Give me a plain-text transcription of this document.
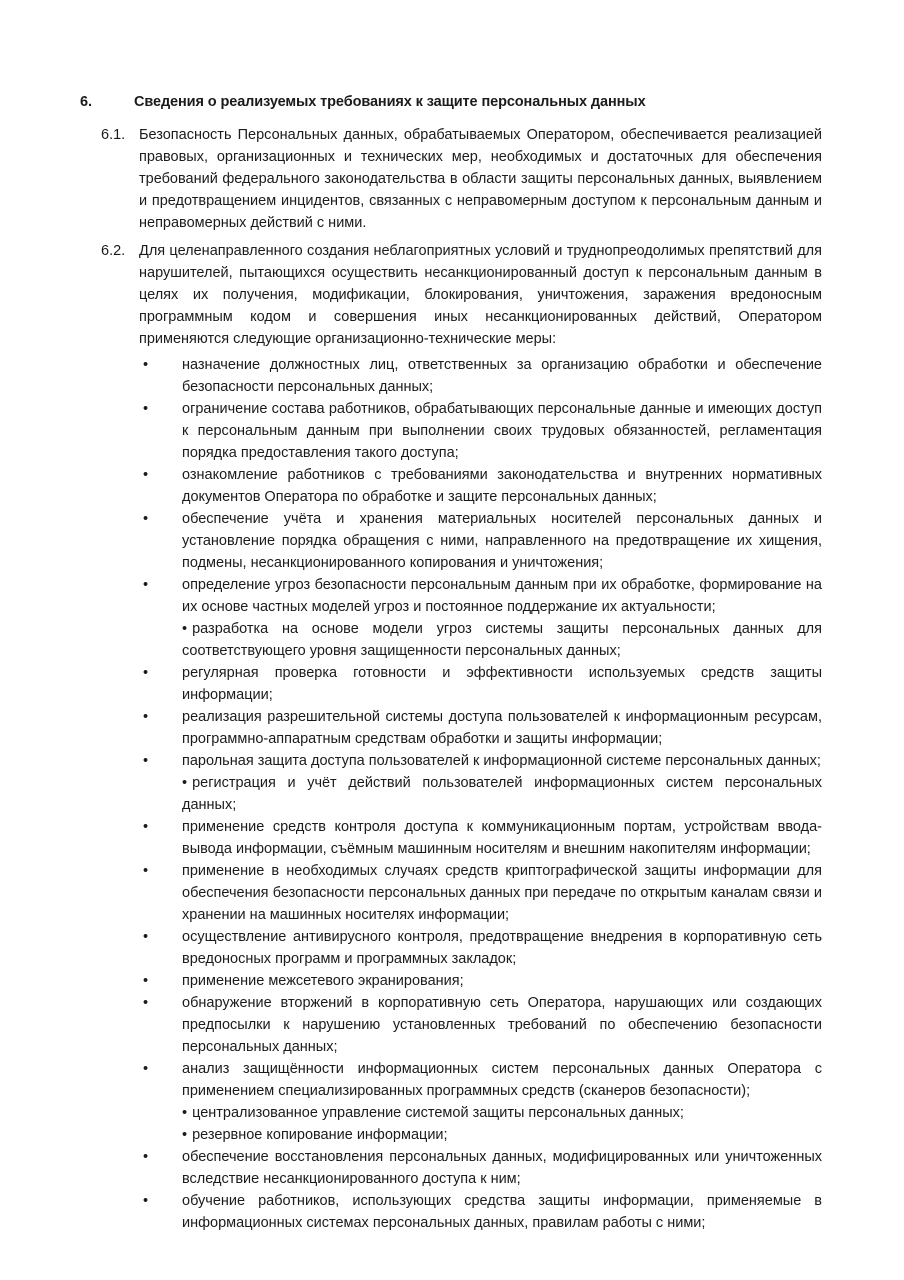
6.	Сведения о реализуемых требованиях к защите персональных данных
6.1. Безопасность Персональных данных, обрабатываемых Оператором, обеспечивается реализацией правовых, организационных и технических мер, необходимых и достаточных для обеспечения требований федерального законодательства в области защиты персональных данных, выявлением и предотвращением инцидентов, связанных с неправомерным доступом к персональным данным и неправомерных действий с ними.
6.2. Для целенаправленного создания неблагоприятных условий и труднопреодолимых препятствий для нарушителей, пытающихся осуществить несанкционированный доступ к персональным данным в целях их получения, модификации, блокирования, уничтожения, заражения вредоносным программным кодом и совершения иных несанкционированных действий, Оператором применяются следующие организационно-технические меры:
•	назначение должностных лиц, ответственных за организацию обработки и обеспечение безопасности персональных данных;
•	ограничение состава работников, обрабатывающих персональные данные и имеющих доступ к персональным данным при выполнении своих трудовых обязанностей, регламентация порядка предоставления такого доступа;
•	ознакомление работников с требованиями законодательства и внутренних нормативных документов Оператора по обработке и защите персональных данных;
•	обеспечение учёта и хранения материальных носителей персональных данных и установление порядка обращения с ними, направленного на предотвращение их хищения, подмены, несанкционированного копирования и уничтожения;
•	определение угроз безопасности персональным данным при их обработке, формирование на их основе частных моделей угроз и постоянное поддержание их актуальности;
• разработка на основе модели угроз системы защиты персональных данных для соответствующего уровня защищенности персональных данных;
•	регулярная проверка готовности и эффективности используемых средств защиты информации;
•	реализация разрешительной системы доступа пользователей к информационным ресурсам, программно-аппаратным средствам обработки и защиты информации;
•	парольная защита доступа пользователей к информационной системе персональных данных;
• регистрация и учёт действий пользователей информационных систем персональных данных;
•	применение средств контроля доступа к коммуникационным портам, устройствам ввода-вывода информации, съёмным машинным носителям и внешним накопителям информации;
•	применение в необходимых случаях средств криптографической защиты информации для обеспечения безопасности персональных данных при передаче по открытым каналам связи и хранении на машинных носителях информации;
•	осуществление антивирусного контроля, предотвращение внедрения в корпоративную сеть вредоносных программ и программных закладок;
•	применение межсетевого экранирования;
•	обнаружение вторжений в корпоративную сеть Оператора, нарушающих или создающих предпосылки к нарушению установленных требований по обеспечению безопасности персональных данных;
•	анализ защищённости информационных систем персональных данных Оператора с применением специализированных программных средств (сканеров безопасности);
• централизованное управление системой защиты персональных данных;
• резервное копирование информации;
•	обеспечение восстановления персональных данных, модифицированных или уничтоженных вследствие несанкционированного доступа к ним;
•	обучение работников, использующих средства защиты информации, применяемые в информационных системах персональных данных, правилам работы с ними;
